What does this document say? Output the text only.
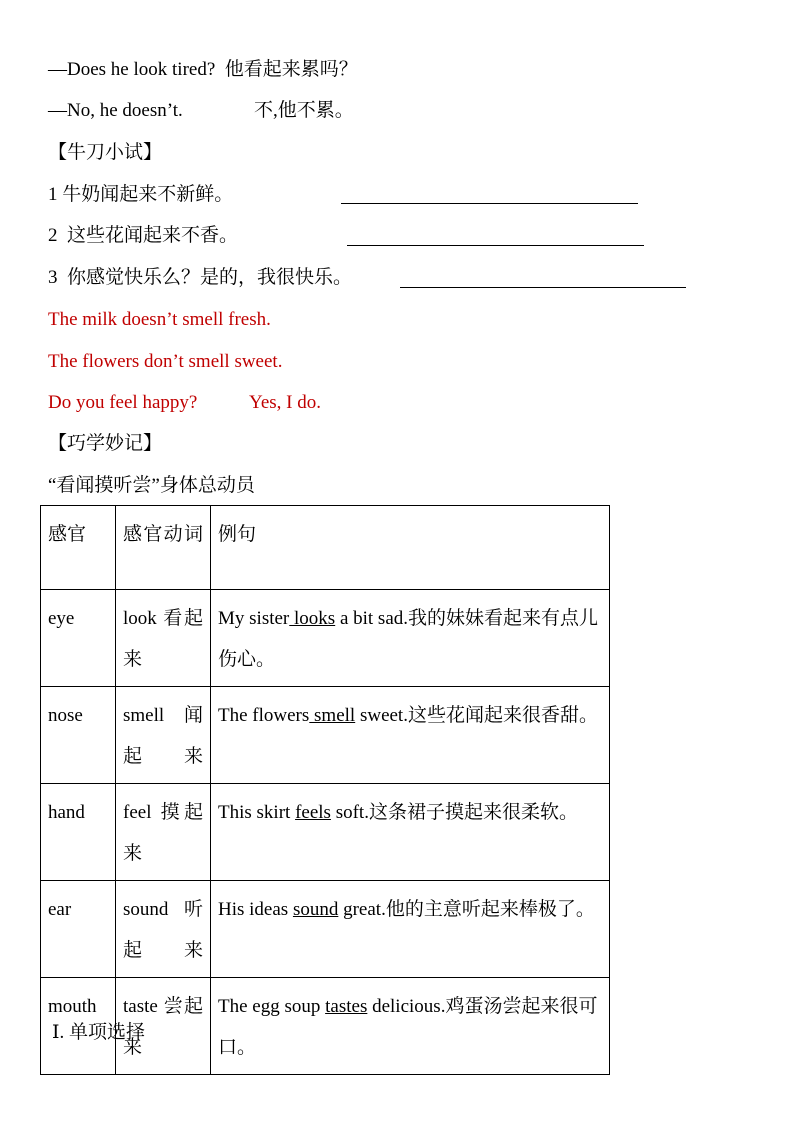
—Does he look tired?  他看起来累吗？
—No, he doesn’t.	不,他不累。
【牛刀小试】
1 牛奶闻起来不新鲜。
2  这些花闻起来不香。
3  你感觉快乐么？是的，我很快乐。
The milk doesn’t smell fresh.
The flowers don’t smell sweet.
Do you feel happy?	Yes, I do.
【巧学妙记】
“看闻摸听尝”身体总动员
感官	感官动词	例句
eye	look 看起来	My sister looks a bit sad.我的妹妹看起来有点儿伤心。
nose	smell 闻起来	The flowers smell sweet.这些花闻起来很香甜。
hand	feel 摸起来	This skirt feels soft.这条裙子摸起来很柔软。
ear	sound 听起来	His ideas sound great.他的主意听起来棒极了。
mouth	taste 尝起来	The egg soup tastes delicious.鸡蛋汤尝起来很可口。
Ⅰ. 单项选择
